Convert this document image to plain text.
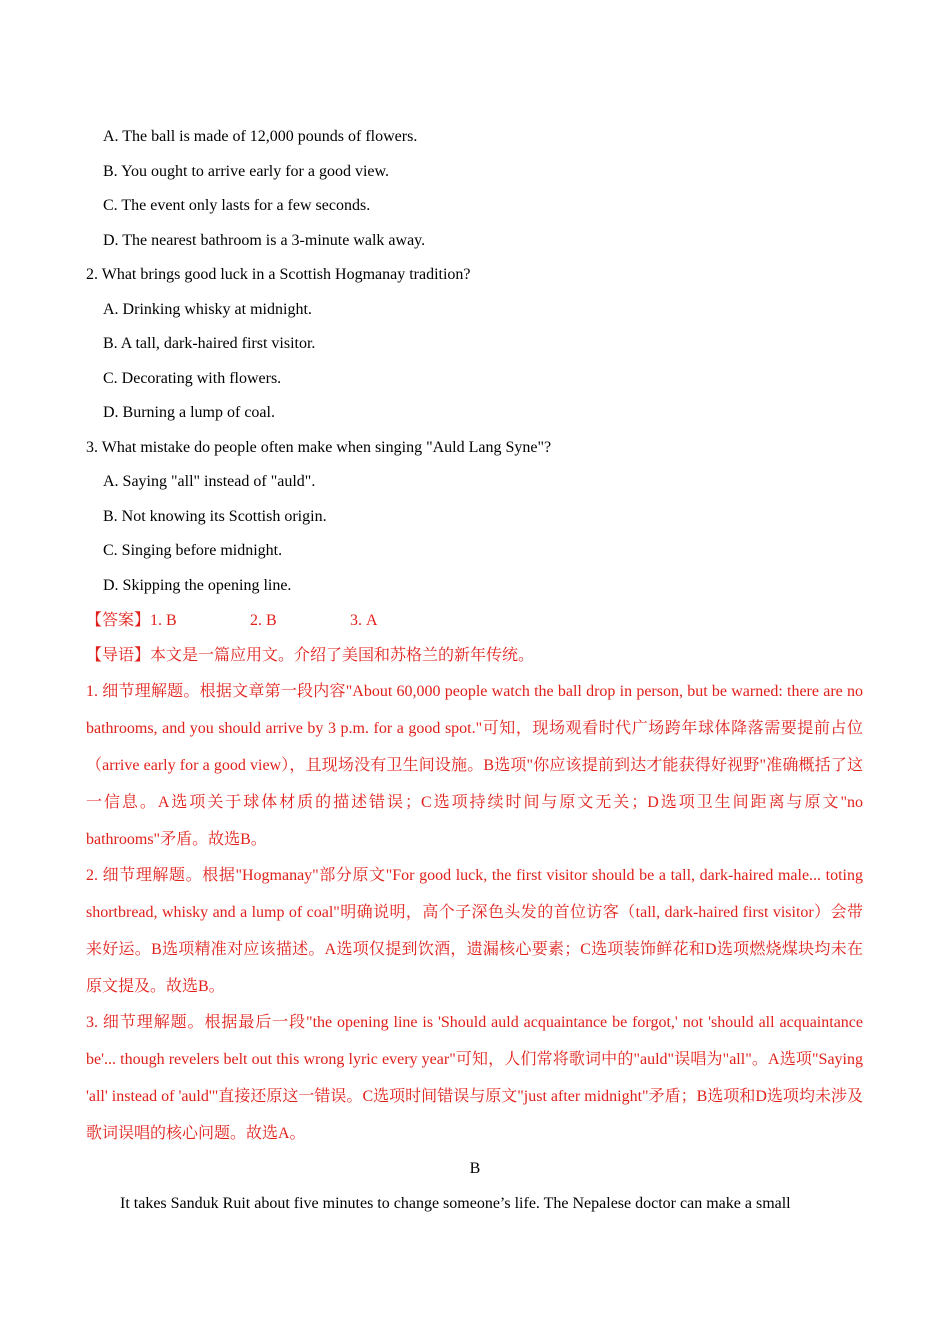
A. The ball is made of 12,000 pounds of flowers.
B. You ought to arrive early for a good view.
C. The event only lasts for a few seconds.
D. The nearest bathroom is a 3-minute walk away.
2. What brings good luck in a Scottish Hogmanay tradition?
A. Drinking whisky at midnight.
B. A tall, dark-haired first visitor.
C. Decorating with flowers.
D. Burning a lump of coal.
3. What mistake do people often make when singing "Auld Lang Syne"?
A. Saying "all" instead of "auld".
B. Not knowing its Scottish origin.
C. Singing before midnight.
D. Skipping the opening line.
【答案】1. B	2. B	3. A
【导语】本文是一篇应用文。介绍了美国和苏格兰的新年传统。
1. 细节理解题。根据文章第一段内容"About 60,000 people watch the ball drop in person, but be warned: there are no bathrooms, and you should arrive by 3 p.m. for a good spot."可知，现场观看时代广场跨年球体降落需要提前占位（arrive early for a good view），且现场没有卫生间设施。B选项"你应该提前到达才能获得好视野"准确概括了这一信息。A选项关于球体材质的描述错误；C选项持续时间与原文无关；D选项卫生间距离与原文"no bathrooms"矛盾。故选B。
2. 细节理解题。根据"Hogmanay"部分原文"For good luck, the first visitor should be a tall, dark-haired male... toting shortbread, whisky and a lump of coal"明确说明，高个子深色头发的首位访客（tall, dark-haired first visitor）会带来好运。B选项精准对应该描述。A选项仅提到饮酒，遗漏核心要素；C选项装饰鲜花和D选项燃烧煤块均未在原文提及。故选B。
3. 细节理解题。根据最后一段"the opening line is 'Should auld acquaintance be forgot,' not 'should all acquaintance be'... though revelers belt out this wrong lyric every year"可知，人们常将歌词中的"auld"误唱为"all"。A选项"Saying 'all' instead of 'auld'"直接还原这一错误。C选项时间错误与原文"just after midnight"矛盾；B选项和D选项均未涉及歌词误唱的核心问题。故选A。
B
It takes Sanduk Ruit about five minutes to change someone’s life. The Nepalese doctor can make a small
